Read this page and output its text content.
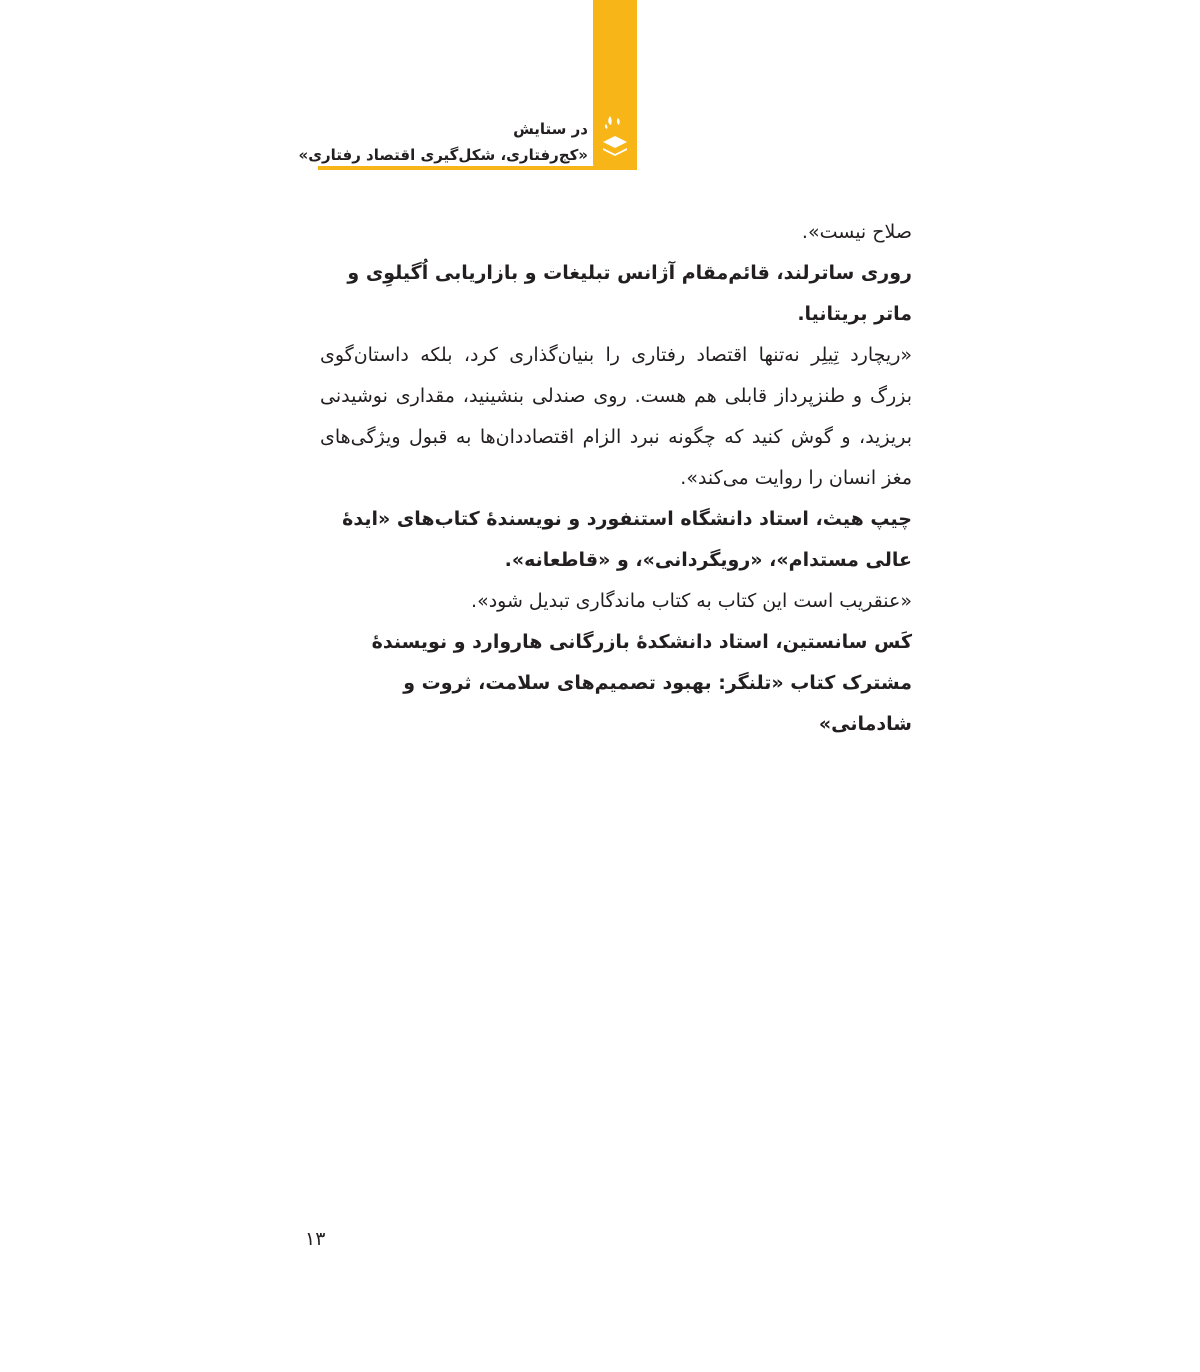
در ستایش
«کج‌رفتاری، شکل‌گیری اقتصاد رفتاری»

صلاح نیست».

روری ساترلند، قائم‌مقام آژانس تبلیغات و بازاریابی اُگیلوِی و ماتر بریتانیا.

«ریچارد تِیلِر نه‌تنها اقتصاد رفتاری را بنیان‌گذاری کرد، بلکه داستان‌گوی بزرگ و طنزپرداز قابلی هم هست. روی صندلی بنشینید، مقداری نوشیدنی بریزید، و گوش کنید که چگونه نبرد الزام اقتصاددان‌ها به قبول ویژگی‌های مغز انسان را روایت می‌کند».

چیپ هیث، استاد دانشگاه استنفورد و نویسندهٔ کتاب‌های «ایدهٔ عالی مستدام»، «رویگردانی»، و «قاطعانه».

«عنقریب است این کتاب به کتاب ماندگاری تبدیل شود».

کَس سانستین، استاد دانشکدهٔ بازرگانی هاروارد و نویسندهٔ مشترک کتاب «تلنگر: بهبود تصمیم‌های سلامت، ثروت و شادمانی»

۱۳
